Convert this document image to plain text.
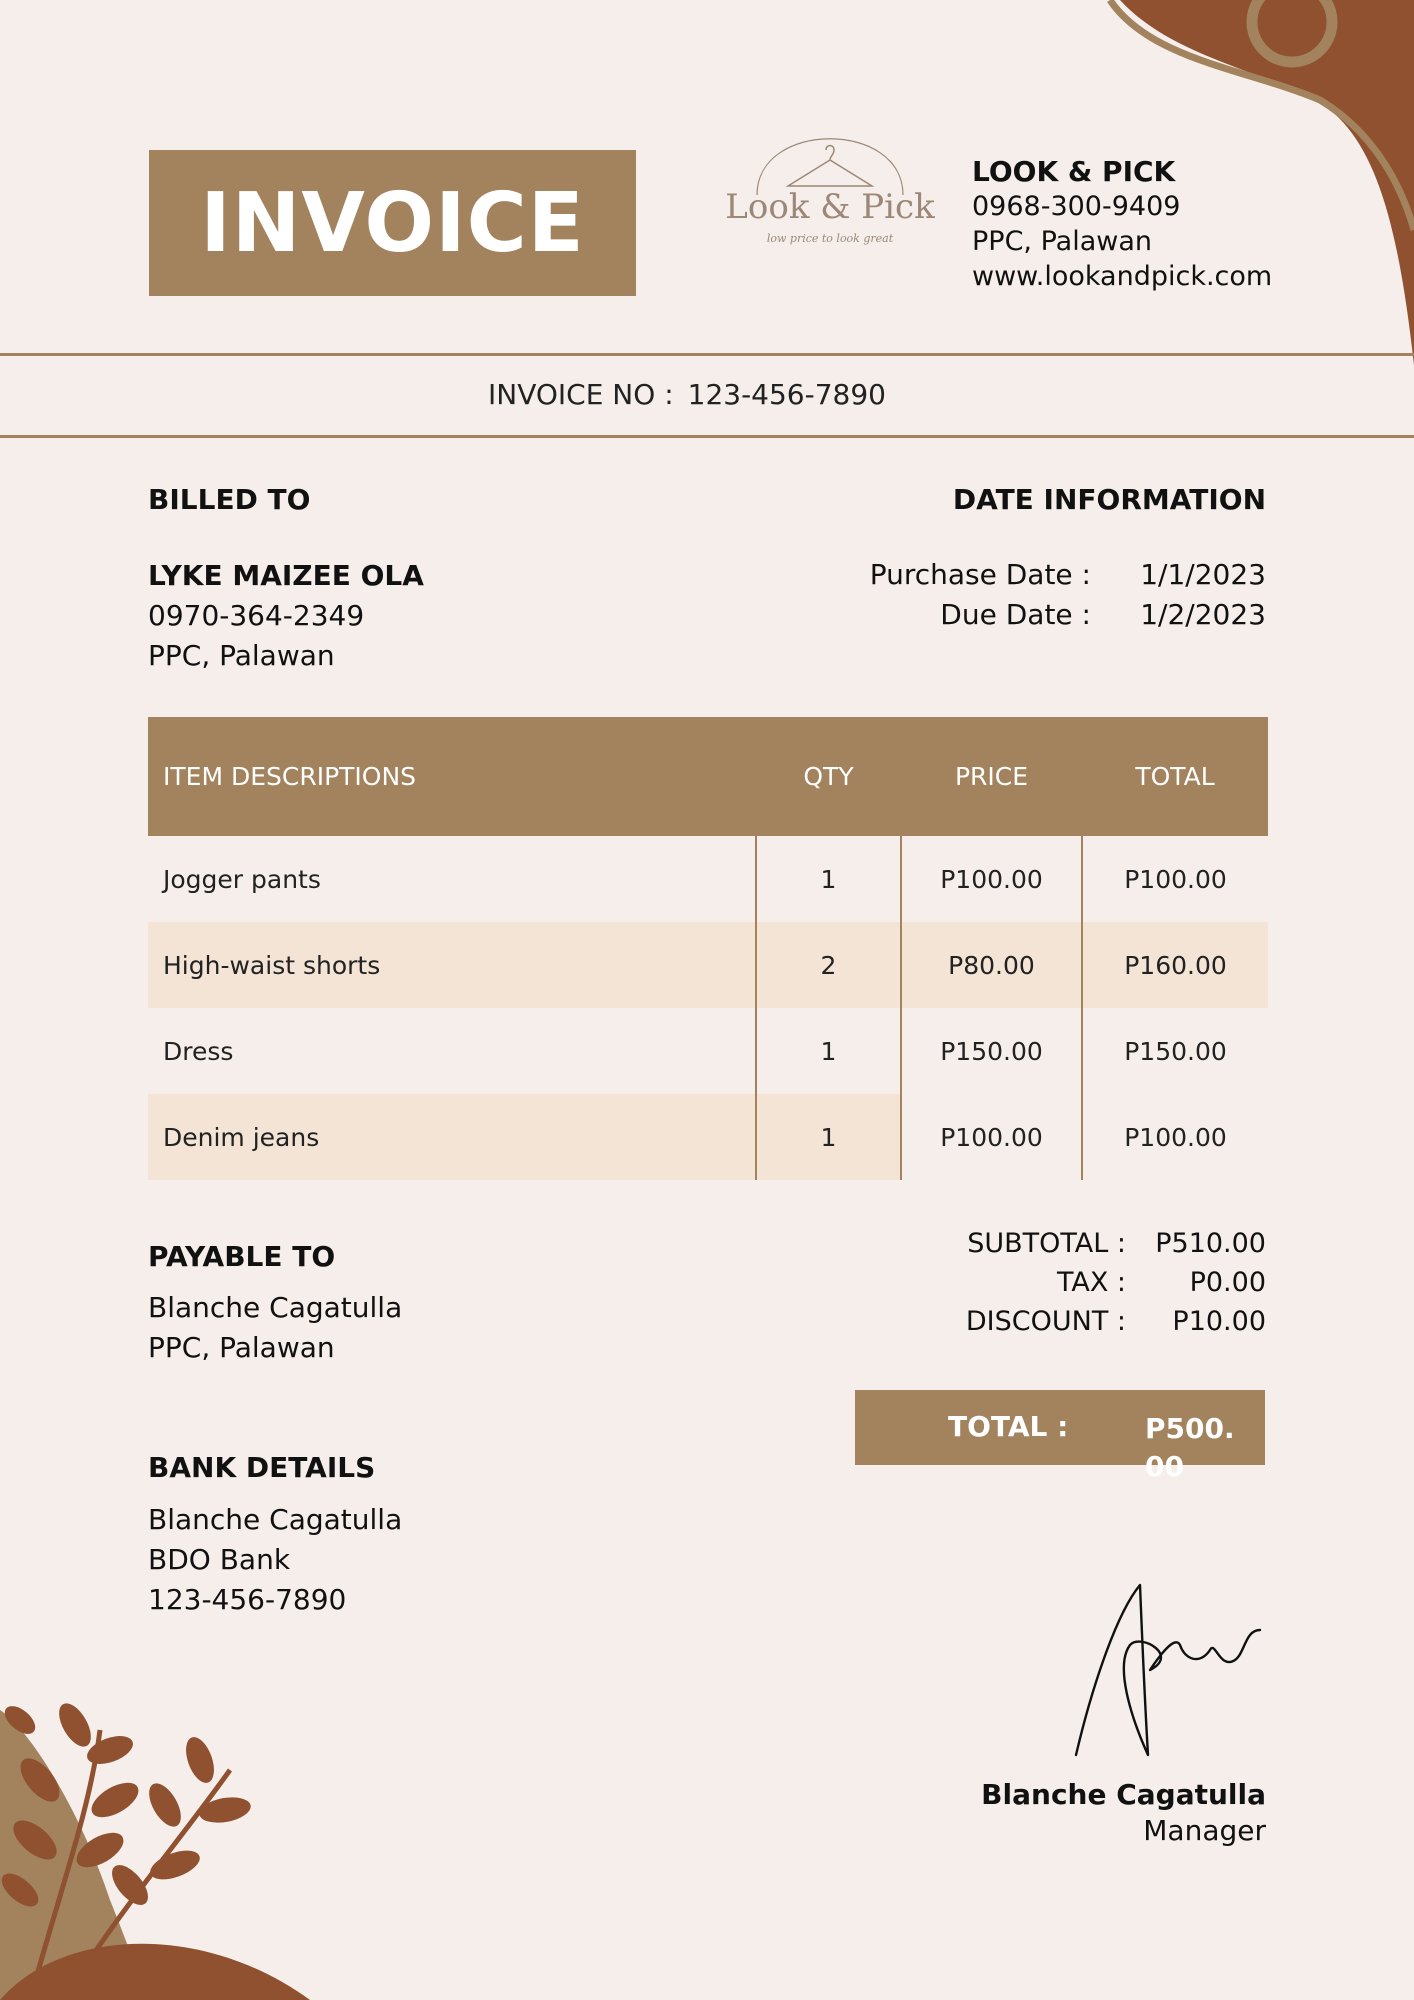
INVOICE	Look & Pick
low price to look great
LOOK & PICK
0968-300-9409
PPC, Palawan
www.lookandpick.com
INVOICE NO : 123-456-7890
BILLED TO	DATE INFORMATION
LYKE MAIZEE OLA
0970-364-2349
PPC, Palawan
Purchase Date :	1/1/2023
Due Date :	1/2/2023
ITEM DESCRIPTIONS	QTY	PRICE	TOTAL
Jogger pants	1	P100.00	P100.00
High-waist shorts	2	P80.00	P160.00
Dress	1	P150.00	P150.00
Denim jeans	1	P100.00	P100.00
PAYABLE TO
Blanche Cagatulla
PPC, Palawan
BANK DETAILS
Blanche Cagatulla
BDO Bank
123-456-7890
SUBTOTAL :	P510.00
TAX :	P0.00
DISCOUNT :	P10.00
TOTAL :	P500.00
Blanche Cagatulla
Manager
